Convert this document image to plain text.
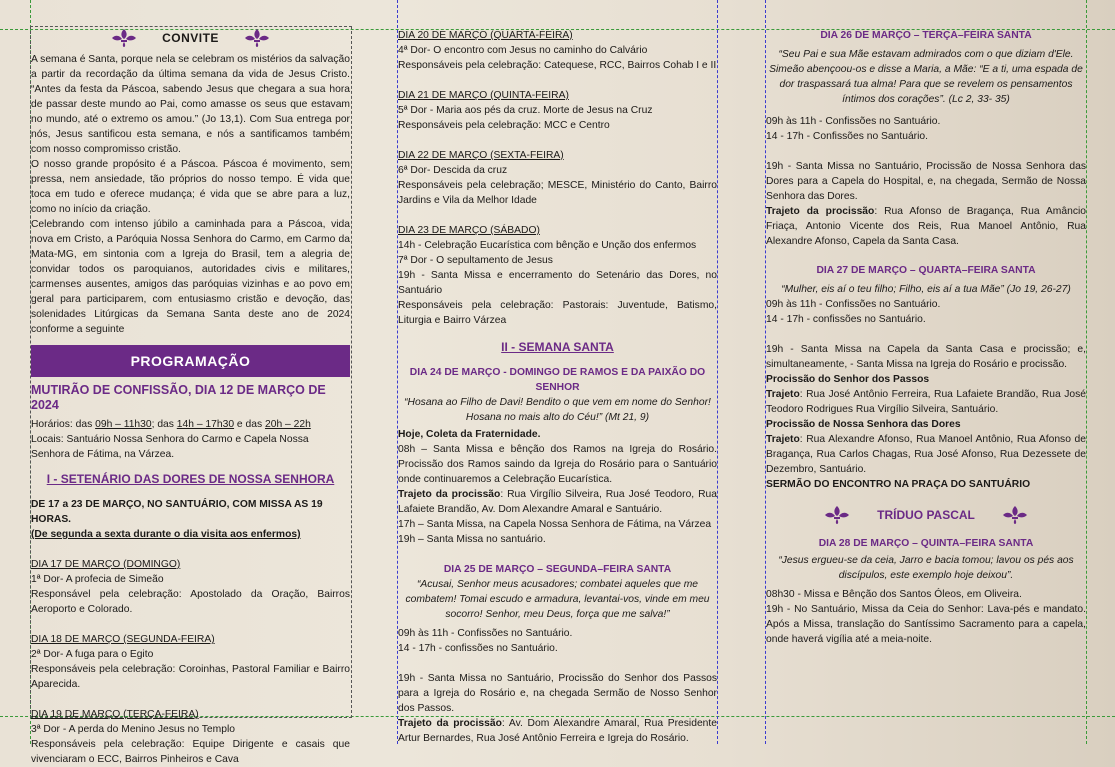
CONVITE

A semana é Santa, porque nela se celebram os mistérios da salvação a partir da recordação da última semana da vida de Jesus Cristo. “Antes da festa da Páscoa, sabendo Jesus que chegara a sua hora de passar deste mundo ao Pai, como amasse os seus que estavam no mundo, até o extremo os amou.” (Jo 13,1). Com Sua entrega por nós, Jesus santificou esta semana, e nós a santificamos também com nosso compromisso cristão.

O nosso grande propósito é a Páscoa. Páscoa é movimento, sem pressa, nem ansiedade, tão próprios do nosso tempo. É vida que toca em tudo e oferece mudança; é vida que se abre para a luz, como no início da criação.

Celebrando com intenso júbilo a caminhada para a Páscoa, vida nova em Cristo, a Paróquia Nossa Senhora do Carmo, em Carmo da Mata-MG, em sintonia com a Igreja do Brasil, tem a alegria de convidar todos os paroquianos, autoridades civis e militares, carmenses ausentes, amigos das paróquias vizinhas e ao povo em geral para participarem, com entusiasmo cristão e devoção, das solenidades Litúrgicas da Semana Santa deste ano de 2024 conforme a seguinte

PROGRAMAÇÃO
MUTIRÃO DE CONFISSÃO, DIA 12 DE MARÇO DE 2024

Horários: das 09h – 11h30; das 14h – 17h30 e das 20h – 22h

Locais: Santuário Nossa Senhora do Carmo e Capela Nossa Senhora de Fátima, na Várzea.

I - SETENÁRIO DAS DORES DE NOSSA SENHORA

DE 17 a 23 DE MARÇO, NO SANTUÁRIO, COM MISSA AS 19 HORAS.

(De segunda a sexta durante o dia visita aos enfermos)

DIA 17 DE MARÇO (DOMINGO)

1ª Dor- A profecia de Simeão

Responsável pela celebração: Apostolado da Oração, Bairros Aeroporto e Colorado.

DIA 18 DE MARÇO (SEGUNDA-FEIRA)

2ª Dor- A fuga para o Egito

Responsáveis pela celebração: Coroinhas, Pastoral Familiar e Bairro Aparecida.

DIA 19 DE MARÇO (TERÇA-FEIRA)

3ª Dor - A perda do Menino Jesus no Templo

Responsáveis pela celebração: Equipe Dirigente e casais que vivenciaram o ECC, Bairros Pinheiros e Cava

DIA 20 DE MARÇO (QUARTA-FEIRA)

4ª Dor- O encontro com Jesus no caminho do Calvário

Responsáveis pela celebração: Catequese, RCC, Bairros Cohab I e II

DIA 21 DE MARÇO (QUINTA-FEIRA)

5ª Dor - Maria aos pés da cruz. Morte de Jesus na Cruz

Responsáveis pela celebração: MCC e Centro

DIA 22 DE MARÇO (SEXTA-FEIRA)

6ª Dor- Descida da cruz

Responsáveis pela celebração; MESCE, Ministério do Canto, Bairro Jardins e Vila da Melhor Idade

DIA 23 DE MARÇO (SÁBADO)

14h - Celebração Eucarística com bênção e Unção dos enfermos

7ª Dor - O sepultamento de Jesus

19h - Santa Missa e encerramento do Setenário das Dores, no Santuário

Responsáveis pela celebração: Pastorais: Juventude, Batismo, Liturgia e Bairro Várzea

II - SEMANA SANTA
DIA 24 DE MARÇO - DOMINGO DE RAMOS E DA PAIXÃO DO SENHOR

“Hosana ao Filho de Davi! Bendito o que vem em nome do Senhor! Hosana no mais alto do Céu!” (Mt 21, 9)

Hoje, Coleta da Fraternidade.

08h – Santa Missa e bênção dos Ramos na Igreja do Rosário. Procissão dos Ramos saindo da Igreja do Rosário para o Santuário onde continuaremos a Celebração Eucarística.

Trajeto da procissão: Rua Virgílio Silveira, Rua José Teodoro, Rua Lafaiete Brandão, Av. Dom Alexandre Amaral e Santuário.

17h – Santa Missa, na Capela Nossa Senhora de Fátima, na Várzea

19h – Santa Missa no santuário.

DIA 25 DE MARÇO – SEGUNDA–FEIRA SANTA

“Acusai, Senhor meus acusadores; combatei aqueles que me combatem! Tomai escudo e armadura, levantai-vos, vinde em meu socorro! Senhor, meu Deus, força que me salva!”

09h às 11h - Confissões no Santuário.

14 - 17h - confissões no Santuário.

19h - Santa Missa no Santuário, Procissão do Senhor dos Passos para a Igreja do Rosário e, na chegada Sermão de Nosso Senhor dos Passos.

Trajeto da procissão: Av. Dom Alexandre Amaral, Rua Presidente Artur Bernardes, Rua José Antônio Ferreira e Igreja do Rosário.

DIA 26 DE MARÇO – TERÇA–FEIRA SANTA

“Seu Pai e sua Mãe estavam admirados com o que diziam d'Ele. Simeão abençoou-os e disse a Maria, a Mãe: “E a ti, uma espada de dor traspassará tua alma! Para que se revelem os pensamentos íntimos dos corações”. (Lc 2, 33- 35)

09h às 11h - Confissões no Santuário.

14 - 17h - Confissões no Santuário.

19h - Santa Missa no Santuário, Procissão de Nossa Senhora das Dores para a Capela do Hospital, e, na chegada, Sermão de Nossa Senhora das Dores.

Trajeto da procissão: Rua Afonso de Bragança, Rua Amâncio Friaça, Antonio Vicente dos Reis, Rua Manoel Antônio, Rua Alexandre Afonso, Capela da Santa Casa.

DIA 27 DE MARÇO – QUARTA–FEIRA SANTA

“Mulher, eis aí o teu filho; Filho, eis aí a tua Mãe” (Jo 19, 26-27)

09h às 11h - Confissões no Santuário.

14 - 17h - confissões no Santuário.

19h - Santa Missa na Capela da Santa Casa e procissão; e, simultaneamente, - Santa Missa na Igreja do Rosário e procissão.

Procissão do Senhor dos Passos

Trajeto: Rua José Antônio Ferreira, Rua Lafaiete Brandão, Rua José Teodoro Rodrigues Rua Virgílio Silveira, Santuário.

Procissão de Nossa Senhora das Dores

Trajeto: Rua Alexandre Afonso, Rua Manoel Antônio, Rua Afonso de Bragança, Rua Carlos Chagas, Rua José Afonso, Rua Dezessete de Dezembro, Santuário.

SERMÃO DO ENCONTRO NA PRAÇA DO SANTUÁRIO

TRÍDUO PASCAL
DIA 28 DE MARÇO – QUINTA–FEIRA SANTA

“Jesus ergueu-se da ceia, Jarro e bacia tomou; lavou os pés aos discípulos, este exemplo hoje deixou”.

08h30 - Missa e Bênção dos Santos Óleos, em Oliveira.

19h - No Santuário, Missa da Ceia do Senhor: Lava-pés e mandato. Após a Missa, translação do Santíssimo Sacramento para a capela, onde haverá vigília até a meia-noite.
